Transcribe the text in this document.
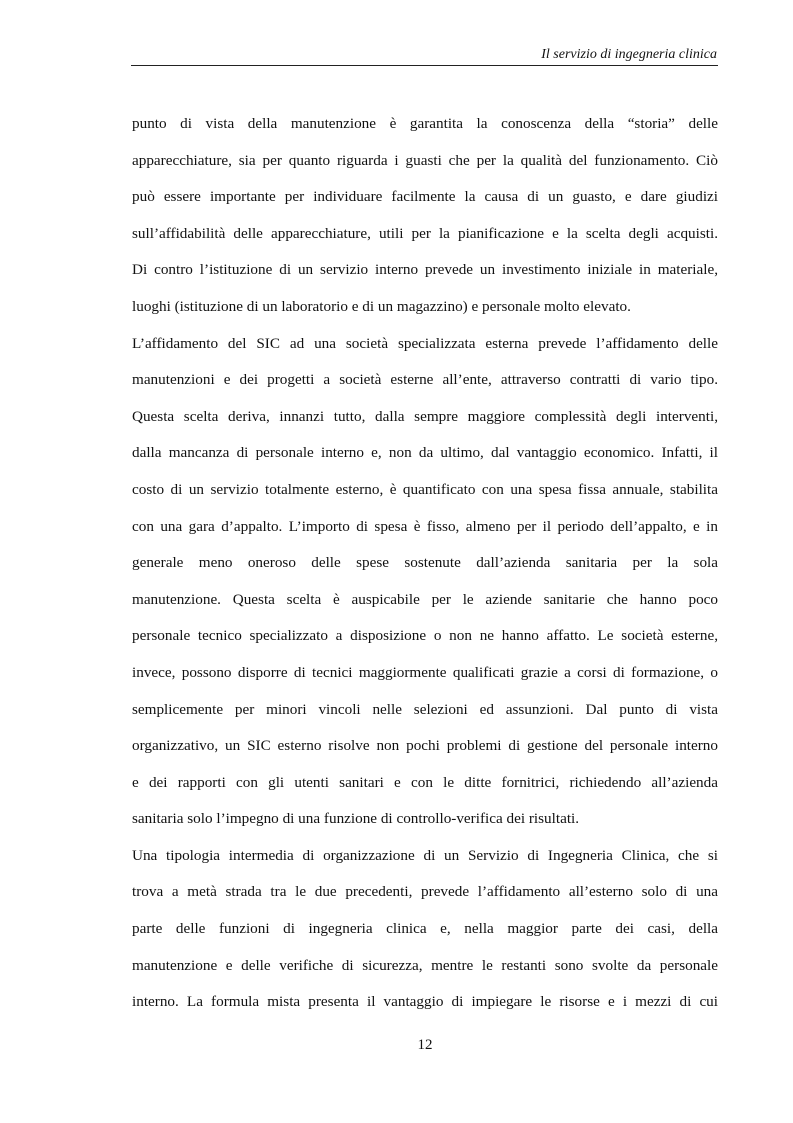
Il servizio di ingegneria clinica
punto di vista della manutenzione è garantita la conoscenza della “storia” delle
apparecchiature, sia per quanto riguarda i guasti che per la qualità del funzionamento. Ciò
può essere importante per individuare facilmente la causa di un guasto, e dare giudizi
sull’affidabilità delle apparecchiature, utili per la pianificazione e la scelta degli acquisti.
Di contro l’istituzione di un servizio interno prevede un investimento iniziale in materiale,
luoghi (istituzione di un laboratorio e di un magazzino) e personale molto elevato.
L’affidamento del SIC ad una società specializzata esterna prevede l’affidamento delle
manutenzioni e dei progetti a società esterne all’ente, attraverso contratti di vario tipo.
Questa scelta deriva, innanzi tutto, dalla sempre maggiore complessità degli interventi,
dalla mancanza di personale interno e, non da ultimo, dal vantaggio economico. Infatti, il
costo di un servizio totalmente esterno, è quantificato con una spesa fissa annuale, stabilita
con una gara d’appalto. L’importo di spesa è fisso, almeno per il periodo dell’appalto, e in
generale meno oneroso delle spese sostenute dall’azienda sanitaria per la sola
manutenzione. Questa scelta è auspicabile per le aziende sanitarie che hanno poco
personale tecnico specializzato a disposizione o non ne hanno affatto. Le società esterne,
invece, possono disporre di tecnici maggiormente qualificati grazie a corsi di formazione, o
semplicemente per minori vincoli nelle selezioni ed assunzioni. Dal punto di vista
organizzativo, un SIC esterno risolve non pochi problemi di gestione del personale interno
e dei rapporti con gli utenti sanitari e con le ditte fornitrici, richiedendo all’azienda
sanitaria solo l’impegno di una funzione di controllo-verifica dei risultati.
Una tipologia intermedia di organizzazione di un Servizio di Ingegneria Clinica, che si
trova a metà strada tra le due precedenti, prevede l’affidamento all’esterno solo di una
parte delle funzioni di ingegneria clinica e, nella maggior parte dei casi, della
manutenzione e delle verifiche di sicurezza, mentre le restanti sono svolte da personale
interno. La formula mista presenta il vantaggio di impiegare le risorse e i mezzi di cui
12
